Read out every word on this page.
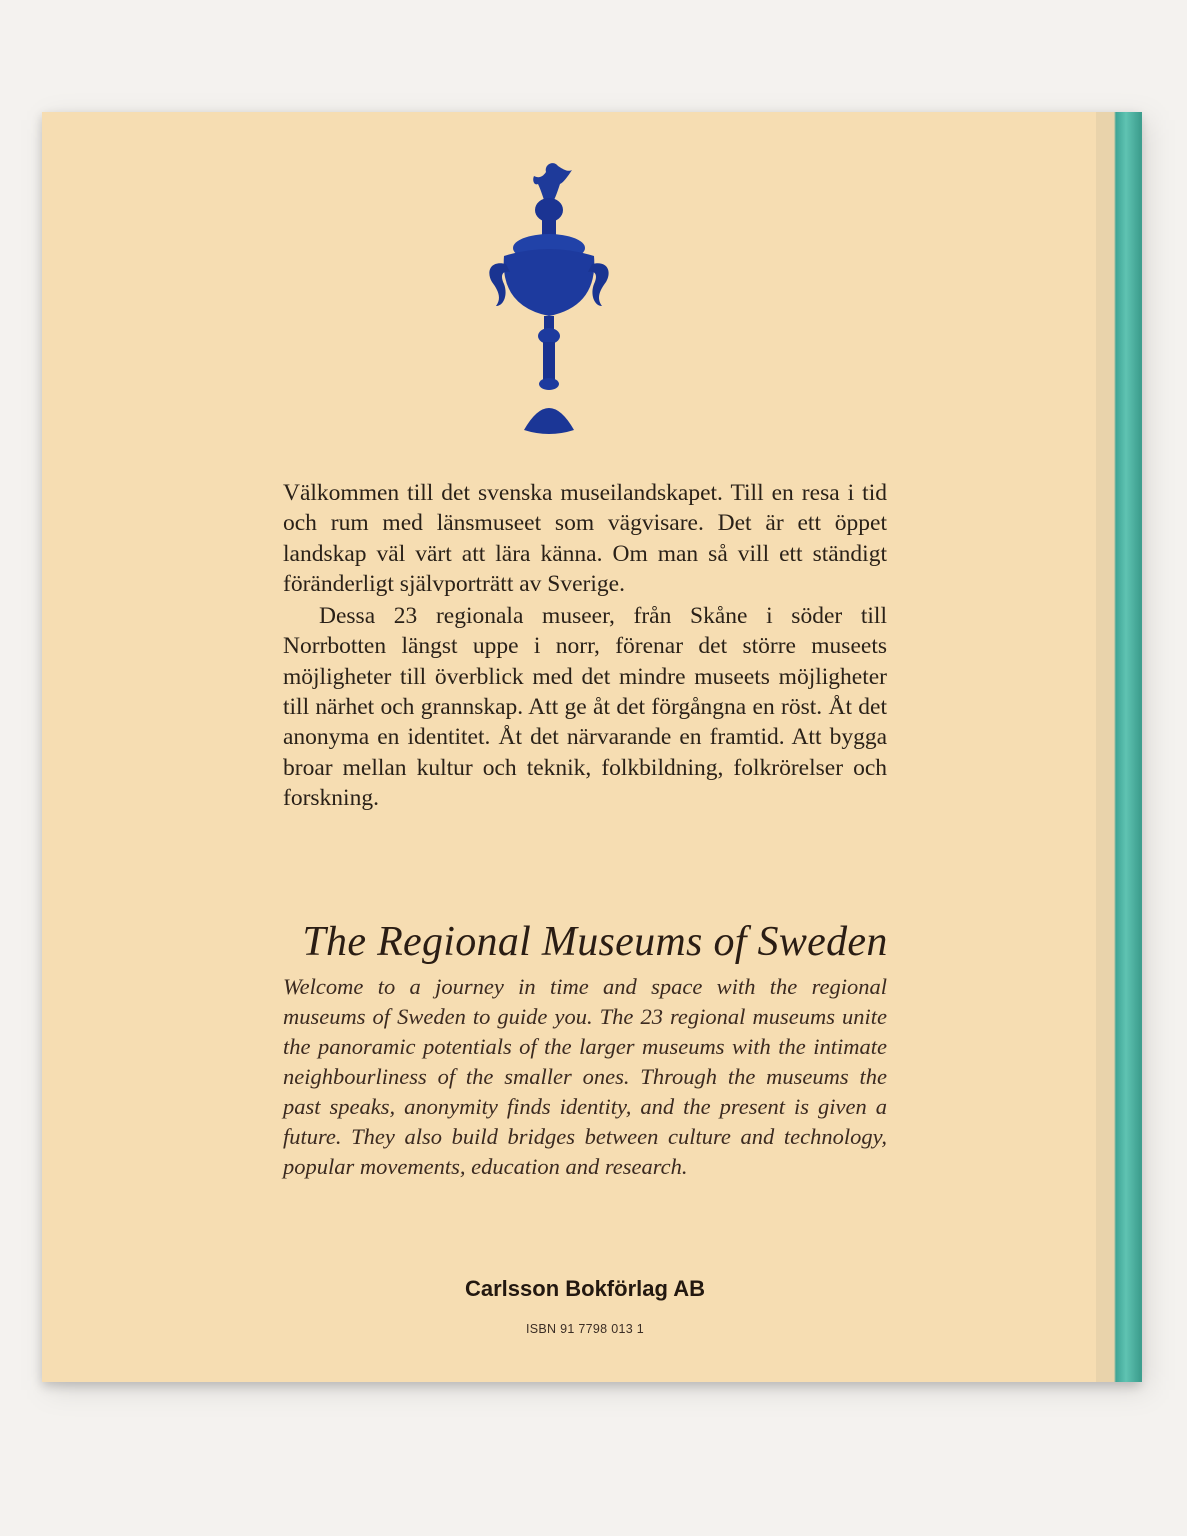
Välkommen till det svenska museilandskapet. Till en resa i tid och rum med länsmuseet som vägvisare. Det är ett öppet landskap väl värt att lära känna. Om man så vill ett ständigt föränderligt självporträtt av Sverige.

Dessa 23 regionala museer, från Skåne i söder till Norrbotten längst uppe i norr, förenar det större museets möjligheter till överblick med det mindre museets möjligheter till närhet och grannskap. Att ge åt det förgångna en röst. Åt det anonyma en identitet. Åt det närvarande en framtid. Att bygga broar mellan kultur och teknik, folkbildning, folkrörelser och forskning.

The Regional Museums of Sweden
Welcome to a journey in time and space with the regional museums of Sweden to guide you. The 23 regional museums unite the panoramic potentials of the larger museums with the intimate neighbourliness of the smaller ones. Through the museums the past speaks, anonymity finds identity, and the present is given a future. They also build bridges between culture and technology, popular movements, education and research.
Carlsson Bokförlag AB
ISBN 91 7798 013 1
